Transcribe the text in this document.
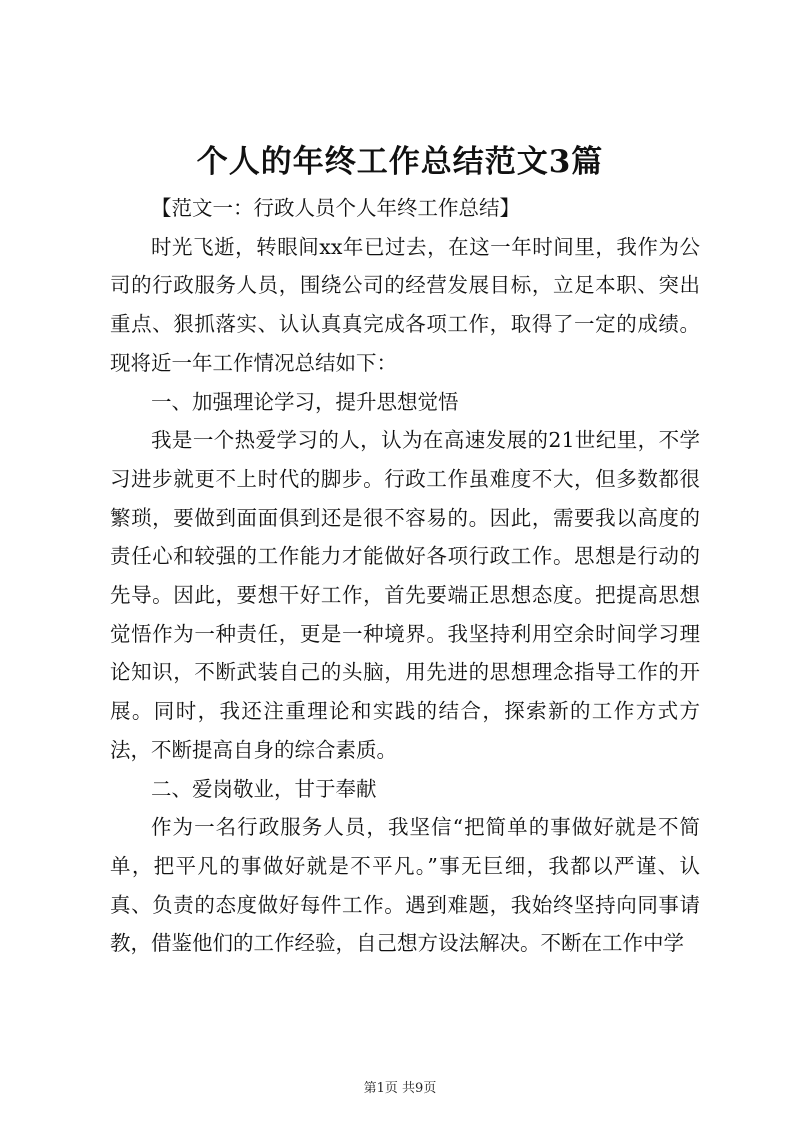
个人的年终工作总结范文3篇

【范文一：行政人员个人年终工作总结】

时光飞逝，转眼间xx年已过去，在这一年时间里，我作为公司的行政服务人员，围绕公司的经营发展目标，立足本职、突出重点、狠抓落实、认认真真完成各项工作，取得了一定的成绩。现将近一年工作情况总结如下：

一、加强理论学习，提升思想觉悟

我是一个热爱学习的人，认为在高速发展的21世纪里，不学习进步就更不上时代的脚步。行政工作虽难度不大，但多数都很繁琐，要做到面面俱到还是很不容易的。因此，需要我以高度的责任心和较强的工作能力才能做好各项行政工作。思想是行动的先导。因此，要想干好工作，首先要端正思想态度。把提高思想觉悟作为一种责任，更是一种境界。我坚持利用空余时间学习理论知识，不断武装自己的头脑，用先进的思想理念指导工作的开展。同时，我还注重理论和实践的结合，探索新的工作方式方法，不断提高自身的综合素质。

二、爱岗敬业，甘于奉献

作为一名行政服务人员，我坚信“把简单的事做好就是不简单，把平凡的事做好就是不平凡。”事无巨细，我都以严谨、认真、负责的态度做好每件工作。遇到难题，我始终坚持向同事请教，借鉴他们的工作经验，自己想方设法解决。不断在工作中学

第1页 共9页
